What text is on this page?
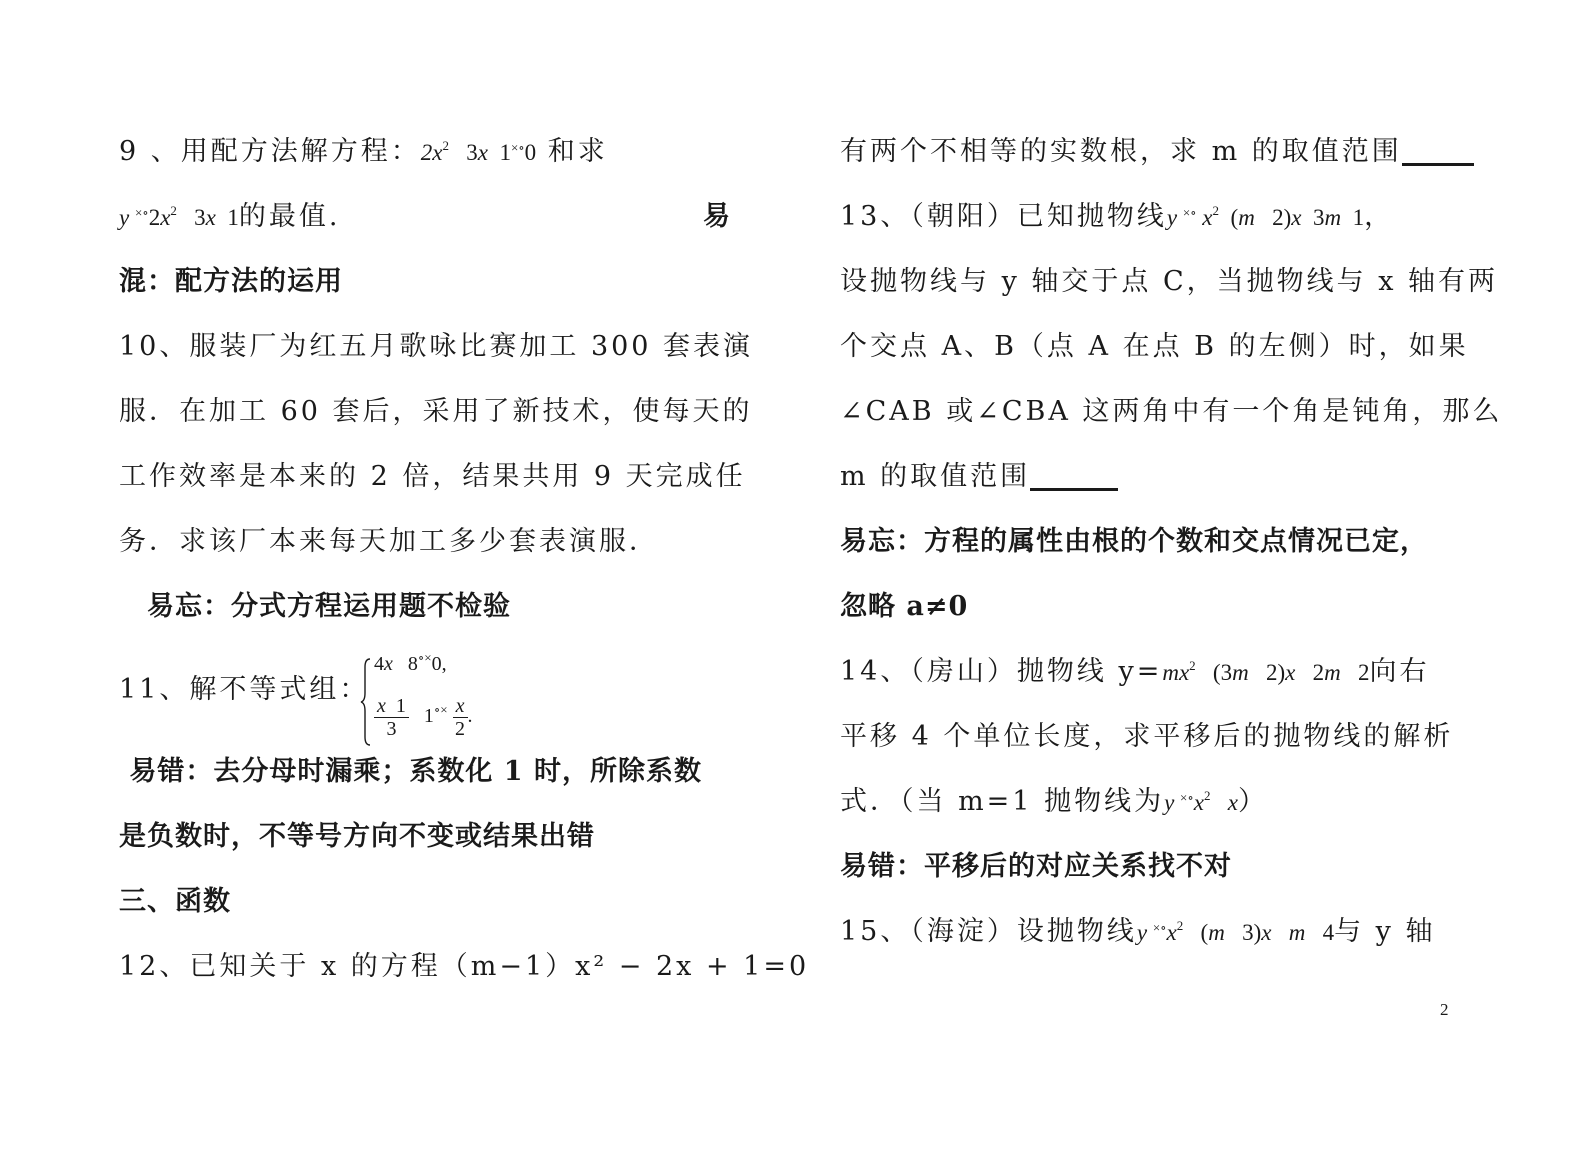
9 、用配方法解方程：$2x^2$   3x  1×∘0 和求
$y \times\circ 2x^2$   3x  1的最值.	易
混：配方法的运用
10、服装厂为红五月歌咏比赛加工 300 套表演
服．在加工 60 套后，采用了新技术，使每天的
工作效率是本来的 2 倍，结果共用 9 天完成任
务．求该厂本来每天加工多少套表演服．
　易忘：分式方程运用题不检验
11、解不等式组：
4x   8∘×0,
$\frac{x 1}{3}$ 1∘× $\frac{x}{2}$ .
易错：去分母时漏乘；系数化 1 时，所除系数
是负数时，不等号方向不变或结果出错
三、函数
12、已知关于 x 的方程（m−1）x² − 2x + 1=0
有两个不相等的实数根，求 m 的取值范围
13、（朝阳）已知抛物线y ×∘ $x^2$  (m   2)x  3m  1，
设抛物线与 y 轴交于点 C，当抛物线与 x 轴有两
个交点 A、B（点 A 在点 B 的左侧）时，如果
∠CAB 或∠CBA 这两角中有一个角是钝角，那么
m 的取值范围
易忘：方程的属性由根的个数和交点情况已定，
忽略 a≠0
14、（房山）抛物线 $y=mx^2$   (3m   2)x   2m   2向右
平移 4 个单位长度，求平移后的抛物线的解析
式．（当 m=1 抛物线为$y \times\circ x^2$ x）
易错：平移后的对应关系找不对
15、（海淀）设抛物线$y \times\circ x^2$   (m   3)x m   4与 y 轴
2
